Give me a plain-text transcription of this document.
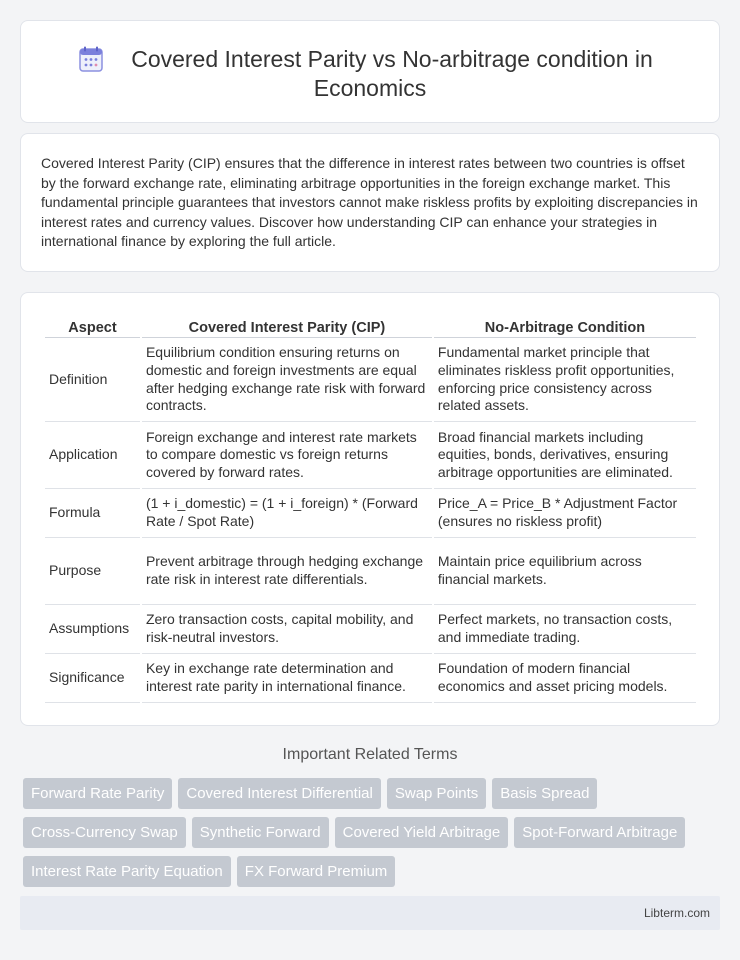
Covered Interest Parity vs No-arbitrage condition in
Economics

Covered Interest Parity (CIP) ensures that the difference in interest rates between two countries is offset by the forward exchange rate, eliminating arbitrage opportunities in the foreign exchange market. This fundamental principle guarantees that investors cannot make riskless profits by exploiting discrepancies in interest rates and currency values. Discover how understanding CIP can enhance your strategies in international finance by exploring the full article.

Aspect	Covered Interest Parity (CIP)	No-Arbitrage Condition
Definition	Equilibrium condition ensuring returns on domestic and foreign investments are equal after hedging exchange rate risk with forward contracts.	Fundamental market principle that eliminates riskless profit opportunities, enforcing price consistency across related assets.
Application	Foreign exchange and interest rate markets to compare domestic vs foreign returns covered by forward rates.	Broad financial markets including equities, bonds, derivatives, ensuring arbitrage opportunities are eliminated.
Formula	(1 + i_domestic) = (1 + i_foreign) * (Forward Rate / Spot Rate)	Price_A = Price_B * Adjustment Factor (ensures no riskless profit)
Purpose	Prevent arbitrage through hedging exchange rate risk in interest rate differentials.	Maintain price equilibrium across financial markets.
Assumptions	Zero transaction costs, capital mobility, and risk-neutral investors.	Perfect markets, no transaction costs, and immediate trading.
Significance	Key in exchange rate determination and interest rate parity in international finance.	Foundation of modern financial economics and asset pricing models.
Important Related Terms
Forward Rate Parity	Covered Interest Differential	Swap Points	Basis Spread
Cross-Currency Swap	Synthetic Forward	Covered Yield Arbitrage	Spot-Forward Arbitrage
Interest Rate Parity Equation	FX Forward Premium
Libterm.com
